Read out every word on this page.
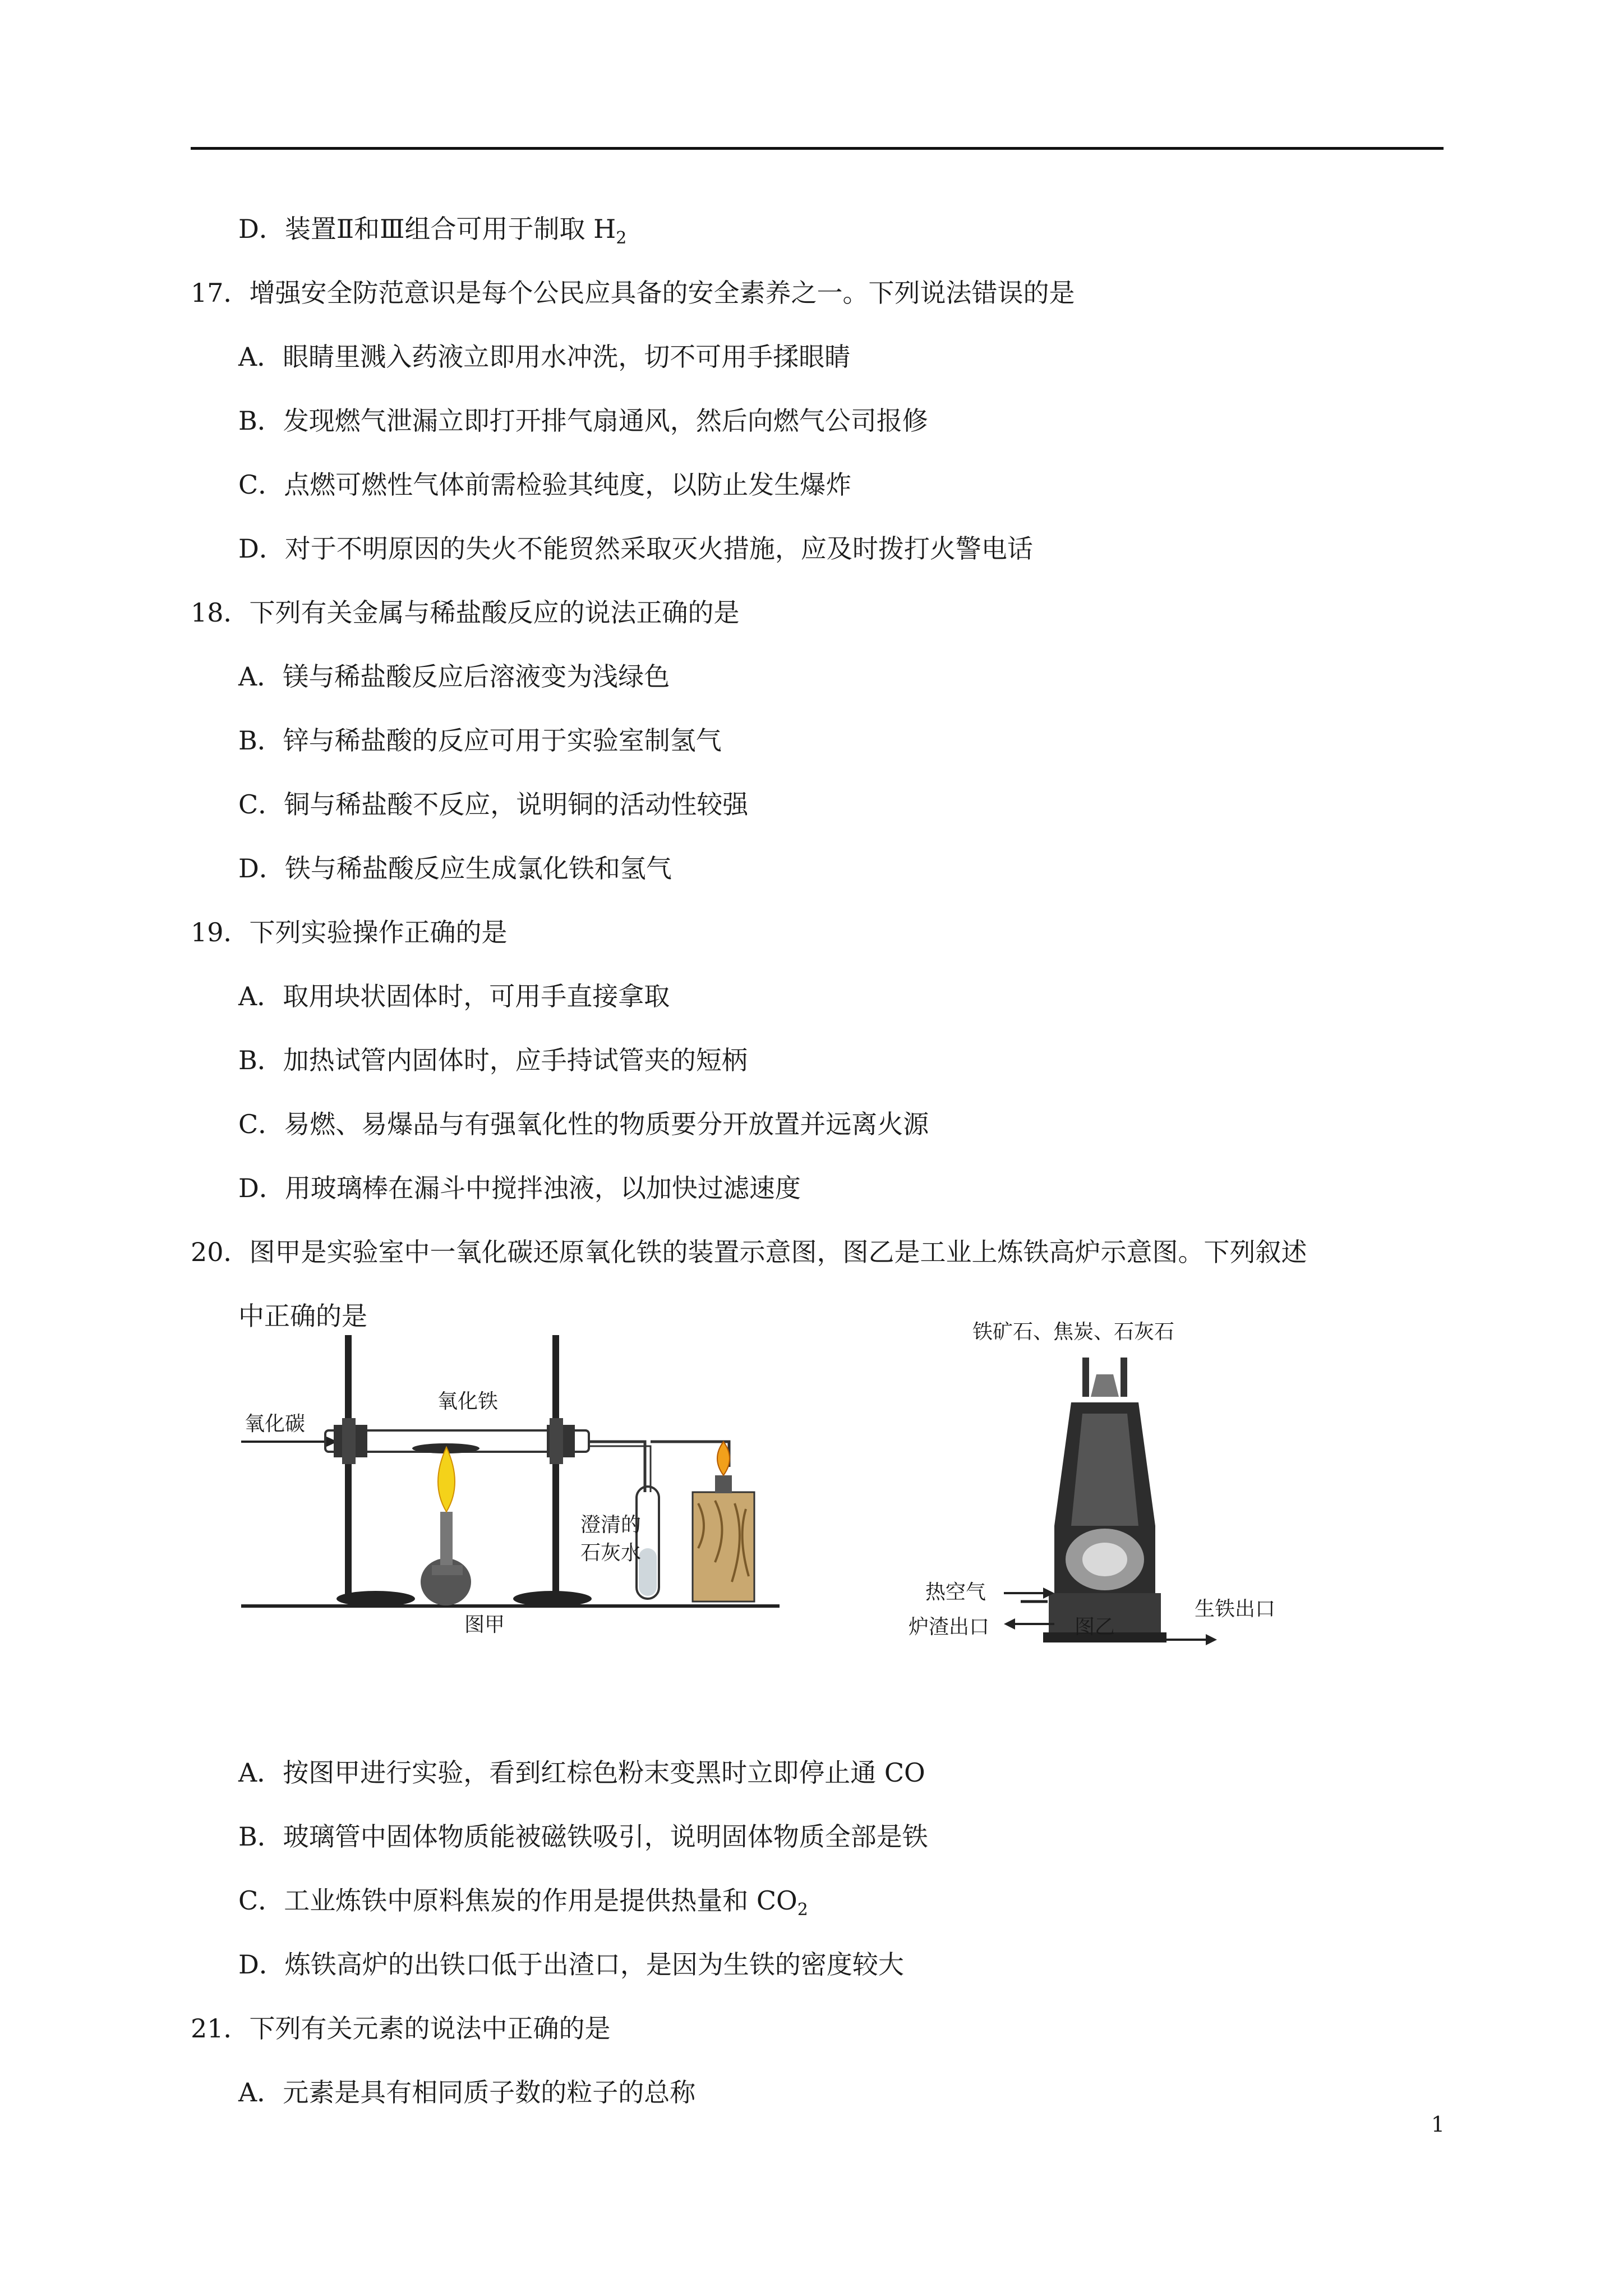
D．装置Ⅱ和Ⅲ组合可用于制取 $H_2$
17．增强安全防范意识是每个公民应具备的安全素养之一。下列说法错误的是
A．眼睛里溅入药液立即用水冲洗，切不可用手揉眼睛
B．发现燃气泄漏立即打开排气扇通风，然后向燃气公司报修
C．点燃可燃性气体前需检验其纯度，以防止发生爆炸
D．对于不明原因的失火不能贸然采取灭火措施，应及时拨打火警电话
18．下列有关金属与稀盐酸反应的说法正确的是
A．镁与稀盐酸反应后溶液变为浅绿色
B．锌与稀盐酸的反应可用于实验室制氢气
C．铜与稀盐酸不反应，说明铜的活动性较强
D．铁与稀盐酸反应生成氯化铁和氢气
19．下列实验操作正确的是
A．取用块状固体时，可用手直接拿取
B．加热试管内固体时，应手持试管夹的短柄
C．易燃、易爆品与有强氧化性的物质要分开放置并远离火源
D．用玻璃棒在漏斗中搅拌浊液，以加快过滤速度
20．图甲是实验室中一氧化碳还原氧化铁的装置示意图，图乙是工业上炼铁高炉示意图。下列叙述
中正确的是
氧化碳
氧化铁
澄清的
石灰水
图甲
铁矿石、焦炭、石灰石
热空气
炉渣出口
生铁出口
图乙
A．按图甲进行实验，看到红棕色粉末变黑时立即停止通 CO
B．玻璃管中固体物质能被磁铁吸引，说明固体物质全部是铁
C．工业炼铁中原料焦炭的作用是提供热量和 $CO_2$
D．炼铁高炉的出铁口低于出渣口，是因为生铁的密度较大
21．下列有关元素的说法中正确的是
A．元素是具有相同质子数的粒子的总称
1
